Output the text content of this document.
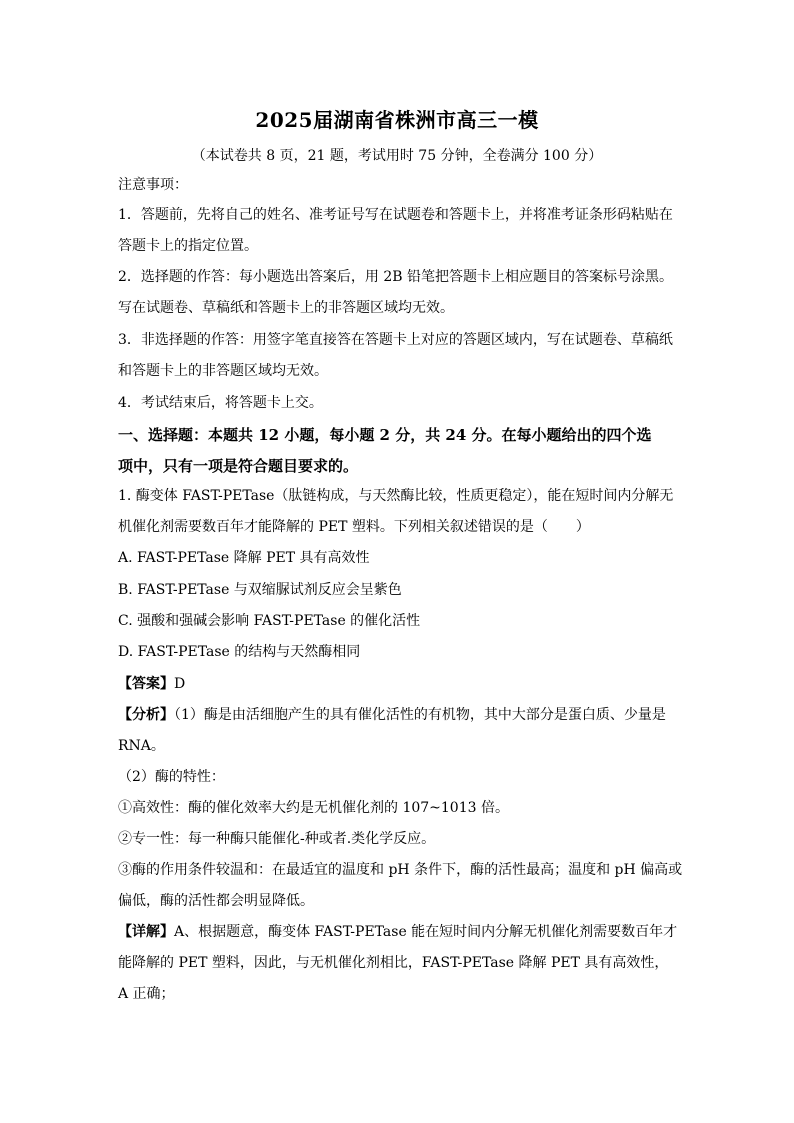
2025届湖南省株洲市高三一模
（本试卷共 8 页，21 题，考试用时 75 分钟，全卷满分 100 分）
注意事项：
1．答题前，先将自己的姓名、准考证号写在试题卷和答题卡上，并将准考证条形码粘贴在
答题卡上的指定位置。
2．选择题的作答：每小题选出答案后，用 2B 铅笔把答题卡上相应题目的答案标号涂黑。
写在试题卷、草稿纸和答题卡上的非答题区域均无效。
3．非选择题的作答：用签字笔直接答在答题卡上对应的答题区域内，写在试题卷、草稿纸
和答题卡上的非答题区域均无效。
4．考试结束后，将答题卡上交。
一、选择题：本题共 12 小题，每小题 2 分，共 24 分。在每小题给出的四个选
项中，只有一项是符合题目要求的。
1. 酶变体 FAST-PETase（肽链构成，与天然酶比较，性质更稳定），能在短时间内分解无
机催化剂需要数百年才能降解的 PET 塑料。下列相关叙述错误的是（　　）
A. FAST-PETase 降解 PET 具有高效性
B. FAST-PETase 与双缩脲试剂反应会呈紫色
C. 强酸和强碱会影响 FAST-PETase 的催化活性
D. FAST-PETase 的结构与天然酶相同
【答案】D
【分析】（1）酶是由活细胞产生的具有催化活性的有机物，其中大部分是蛋白质、少量是
RNA。
（2）酶的特性：
①高效性：酶的催化效率大约是无机催化剂的 107~1013 倍。
②专一性：每一种酶只能催化-种或者.类化学反应。
③酶的作用条件较温和：在最适宜的温度和 pH 条件下，酶的活性最高；温度和 pH 偏高或
偏低，酶的活性都会明显降低。
【详解】A、根据题意，酶变体 FAST-PETase 能在短时间内分解无机催化剂需要数百年才
能降解的 PET 塑料，因此，与无机催化剂相比，FAST-PETase 降解 PET 具有高效性，
A 正确；
